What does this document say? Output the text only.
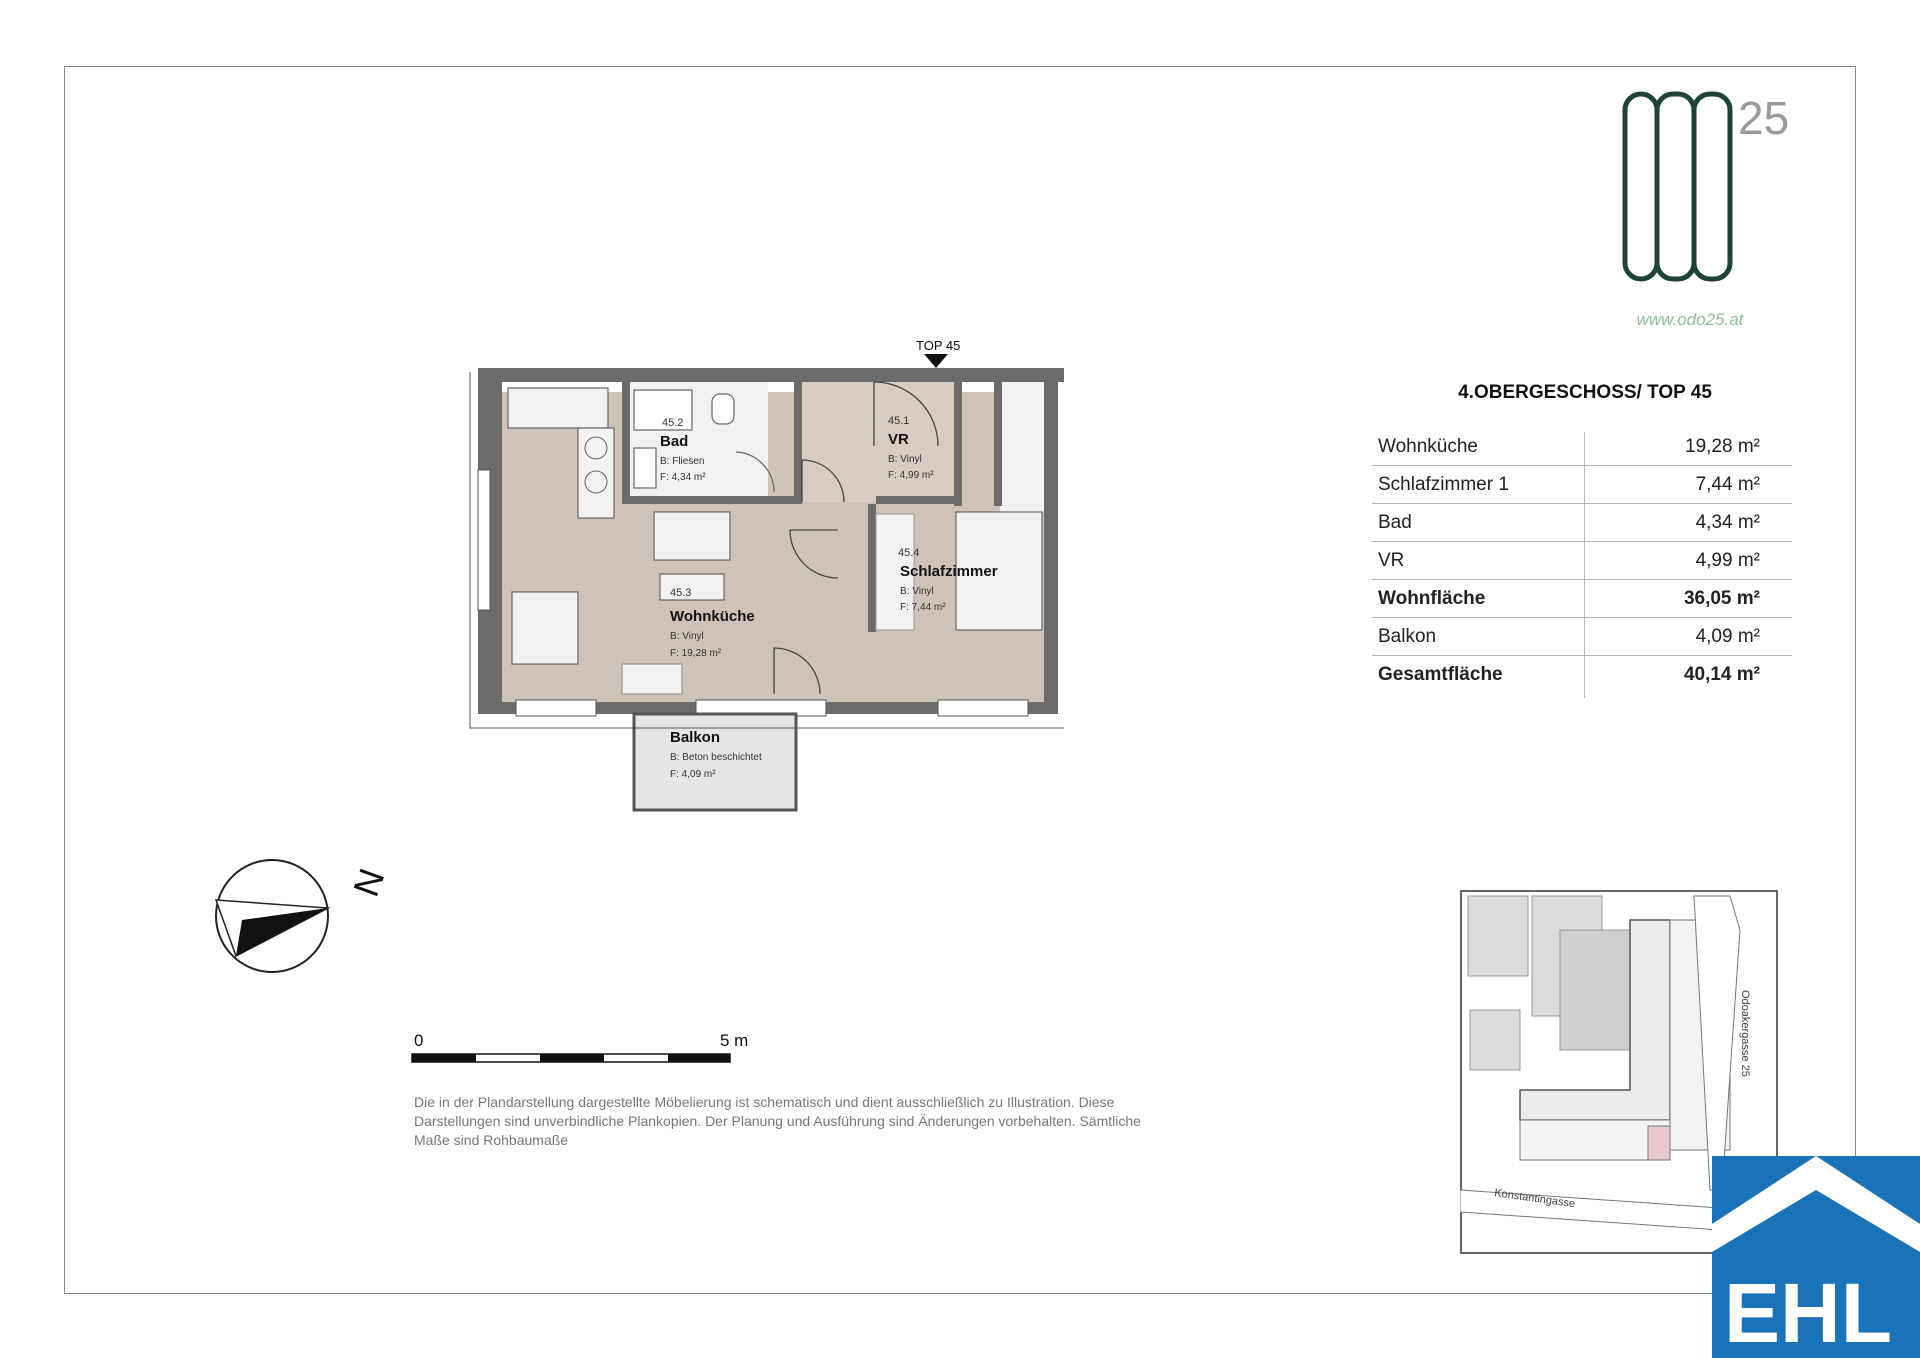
25
www.odo25.at
4.OBERGESCHOSS/ TOP 45
Wohnküche	19,28 m²
Schlafzimmer 1	7,44 m²
Bad	4,34 m²
VR	4,99 m²
Wohnfläche	36,05 m²
Balkon	4,09 m²
Gesamtfläche	40,14 m²
TOP 45
45.2
Bad
B: Fliesen
F: 4,34 m²
45.1
VR
B: Vinyl
F: 4,99 m²
45.4
Schlafzimmer
B: Vinyl
F: 7,44 m²
45.3
Wohnküche
B: Vinyl
F: 19,28 m²
Balkon
B: Beton beschichtet
F: 4,09 m²
N
0	5 m
Die in der Plandarstellung dargestellte Möbelierung ist schematisch und dient ausschließlich zu Illustration. Diese Darstellungen sind unverbindliche Plankopien. Der Planung und Ausführung sind Änderungen vorbehalten. Sämtliche Maße sind Rohbaumaße
Odoakergasse 25
Konstantingasse
EHL
